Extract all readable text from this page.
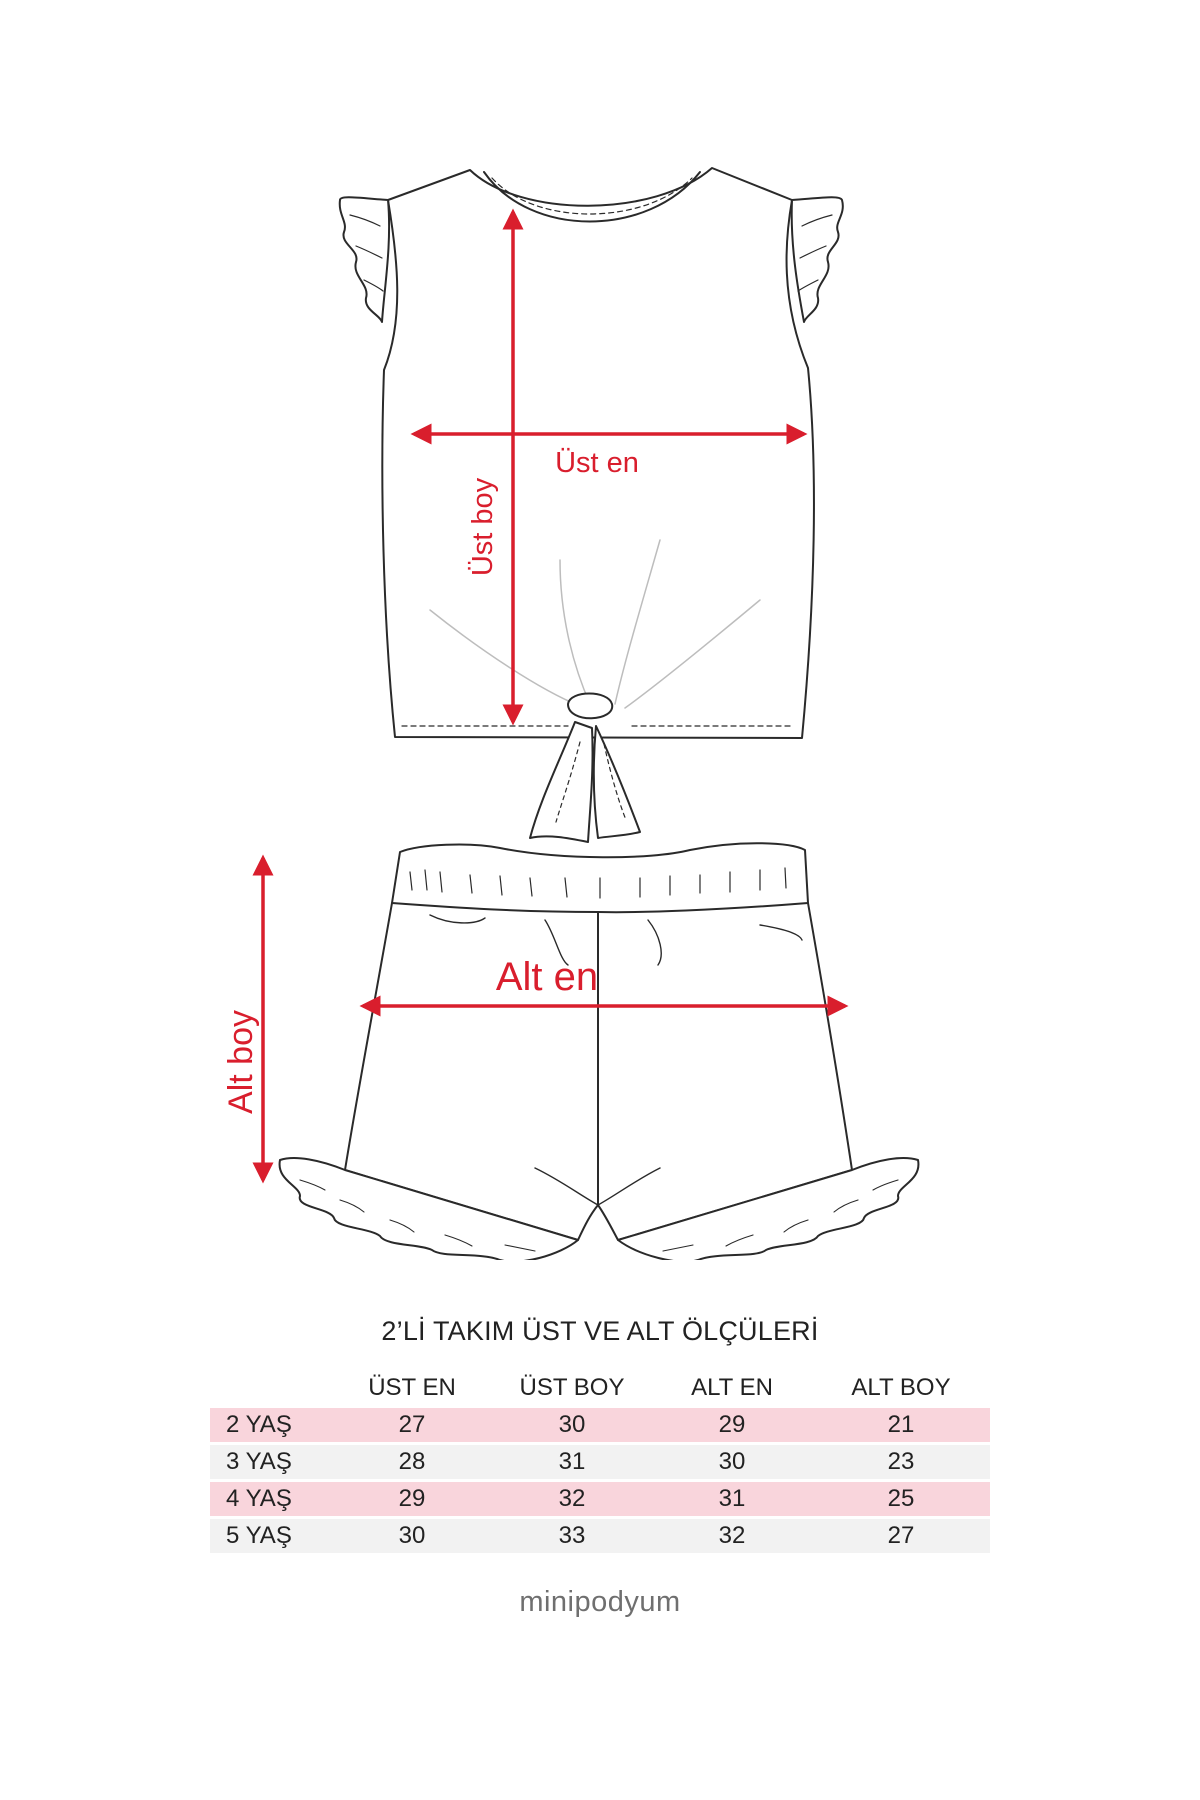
Üst en
Üst boy
Alt en
Alt boy
2’Lİ TAKIM ÜST VE ALT ÖLÇÜLERİ
	ÜST EN	ÜST BOY	ALT EN	ALT BOY
2 YAŞ	27	30	29	21
3 YAŞ	28	31	30	23
4 YAŞ	29	32	31	25
5 YAŞ	30	33	32	27
minipodyum
